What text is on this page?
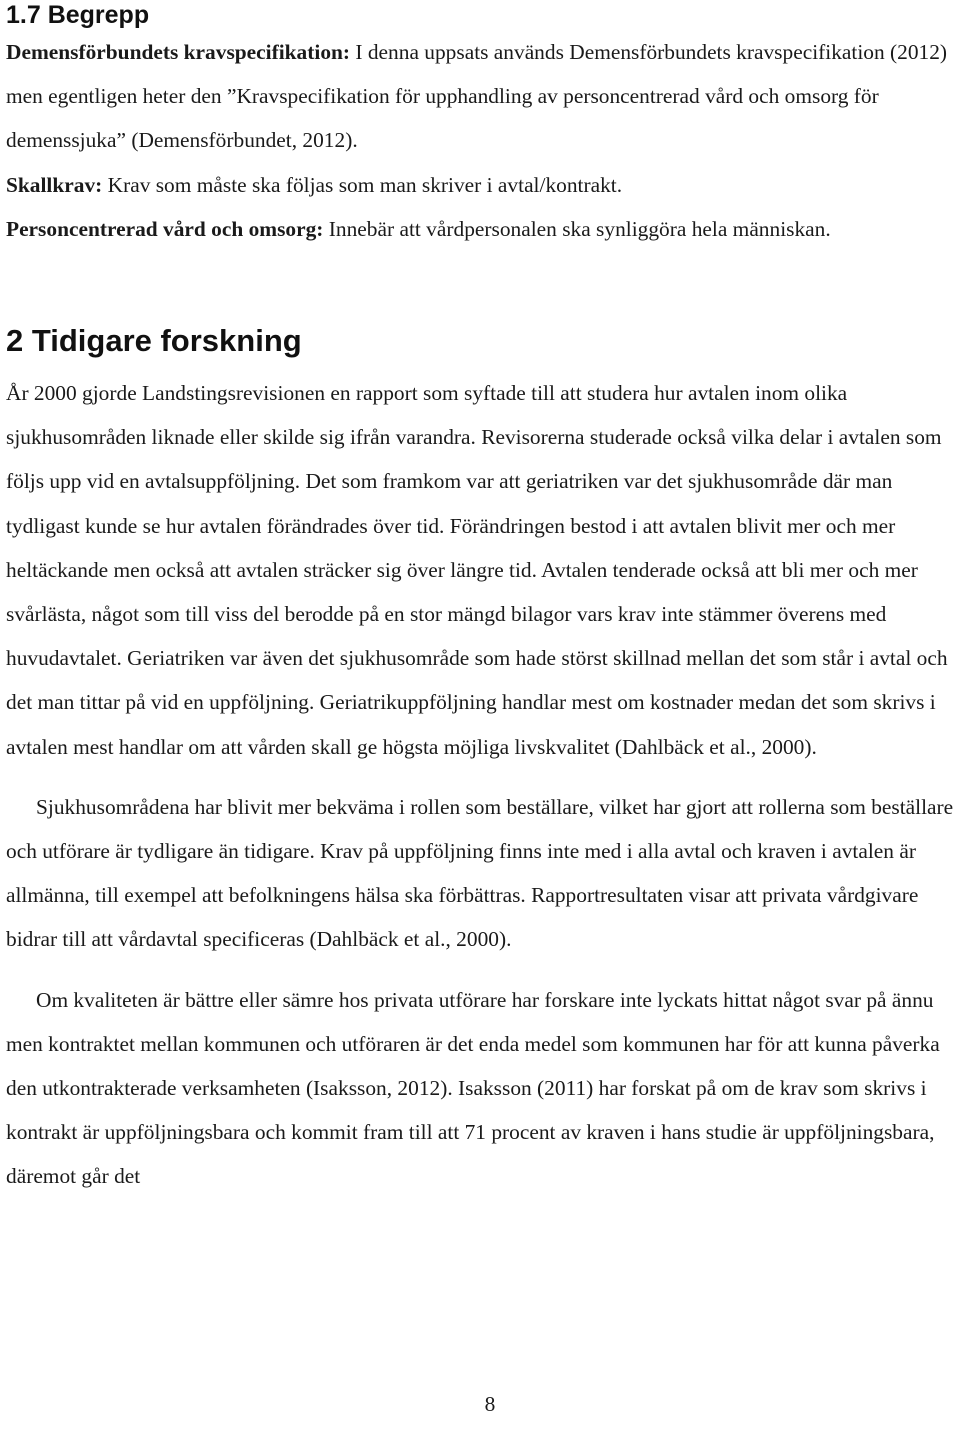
1.7 Begrepp

Demensförbundets kravspecifikation: I denna uppsats används Demensförbundets kravspecifikation (2012) men egentligen heter den ”Kravspecifikation för upphandling av personcentrerad vård och omsorg för demenssjuka” (Demensförbundet, 2012).

Skallkrav: Krav som måste ska följas som man skriver i avtal/kontrakt.

Personcentrerad vård och omsorg: Innebär att vårdpersonalen ska synliggöra hela människan.

2 Tidigare forskning

År 2000 gjorde Landstingsrevisionen en rapport som syftade till att studera hur avtalen inom olika sjukhusområden liknade eller skilde sig ifrån varandra. Revisorerna studerade också vilka delar i avtalen som följs upp vid en avtalsuppföljning. Det som framkom var att geriatriken var det sjukhusområde där man tydligast kunde se hur avtalen förändrades över tid. Förändringen bestod i att avtalen blivit mer och mer heltäckande men också att avtalen sträcker sig över längre tid. Avtalen tenderade också att bli mer och mer svårlästa, något som till viss del berodde på en stor mängd bilagor vars krav inte stämmer överens med huvudavtalet. Geriatriken var även det sjukhusområde som hade störst skillnad mellan det som står i avtal och det man tittar på vid en uppföljning. Geriatrikuppföljning handlar mest om kostnader medan det som skrivs i avtalen mest handlar om att vården skall ge högsta möjliga livskvalitet (Dahlbäck et al., 2000).

Sjukhusområdena har blivit mer bekväma i rollen som beställare, vilket har gjort att rollerna som beställare och utförare är tydligare än tidigare. Krav på uppföljning finns inte med i alla avtal och kraven i avtalen är allmänna, till exempel att befolkningens hälsa ska förbättras. Rapportresultaten visar att privata vårdgivare bidrar till att vårdavtal specificeras (Dahlbäck et al., 2000).

Om kvaliteten är bättre eller sämre hos privata utförare har forskare inte lyckats hittat något svar på ännu men kontraktet mellan kommunen och utföraren är det enda medel som kommunen har för att kunna påverka den utkontrakterade verksamheten (Isaksson, 2012). Isaksson (2011) har forskat på om de krav som skrivs i kontrakt är uppföljningsbara och kommit fram till att 71 procent av kraven i hans studie är uppföljningsbara, däremot går det

8
